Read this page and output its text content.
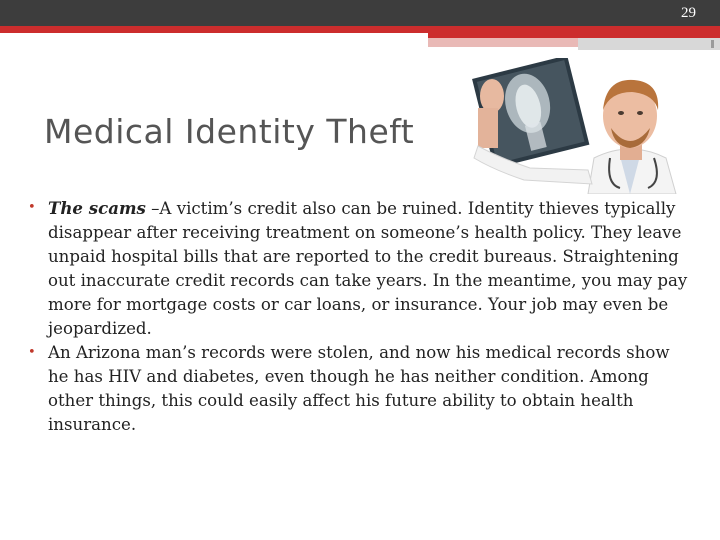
29
Medical Identity Theft

• The scams –A victim’s credit also can be ruined. Identity thieves typically disappear after receiving treatment on someone’s health policy. They leave unpaid hospital bills that are reported to the credit bureaus. Straightening out inaccurate credit records can take years. In the meantime, you may pay more for mortgage costs or car loans, or insurance. Your job may even be jeopardized.

• An Arizona man’s records were stolen, and now his medical records show he has HIV and diabetes, even though he has neither condition. Among other things, this could easily affect his future ability to obtain health insurance.
